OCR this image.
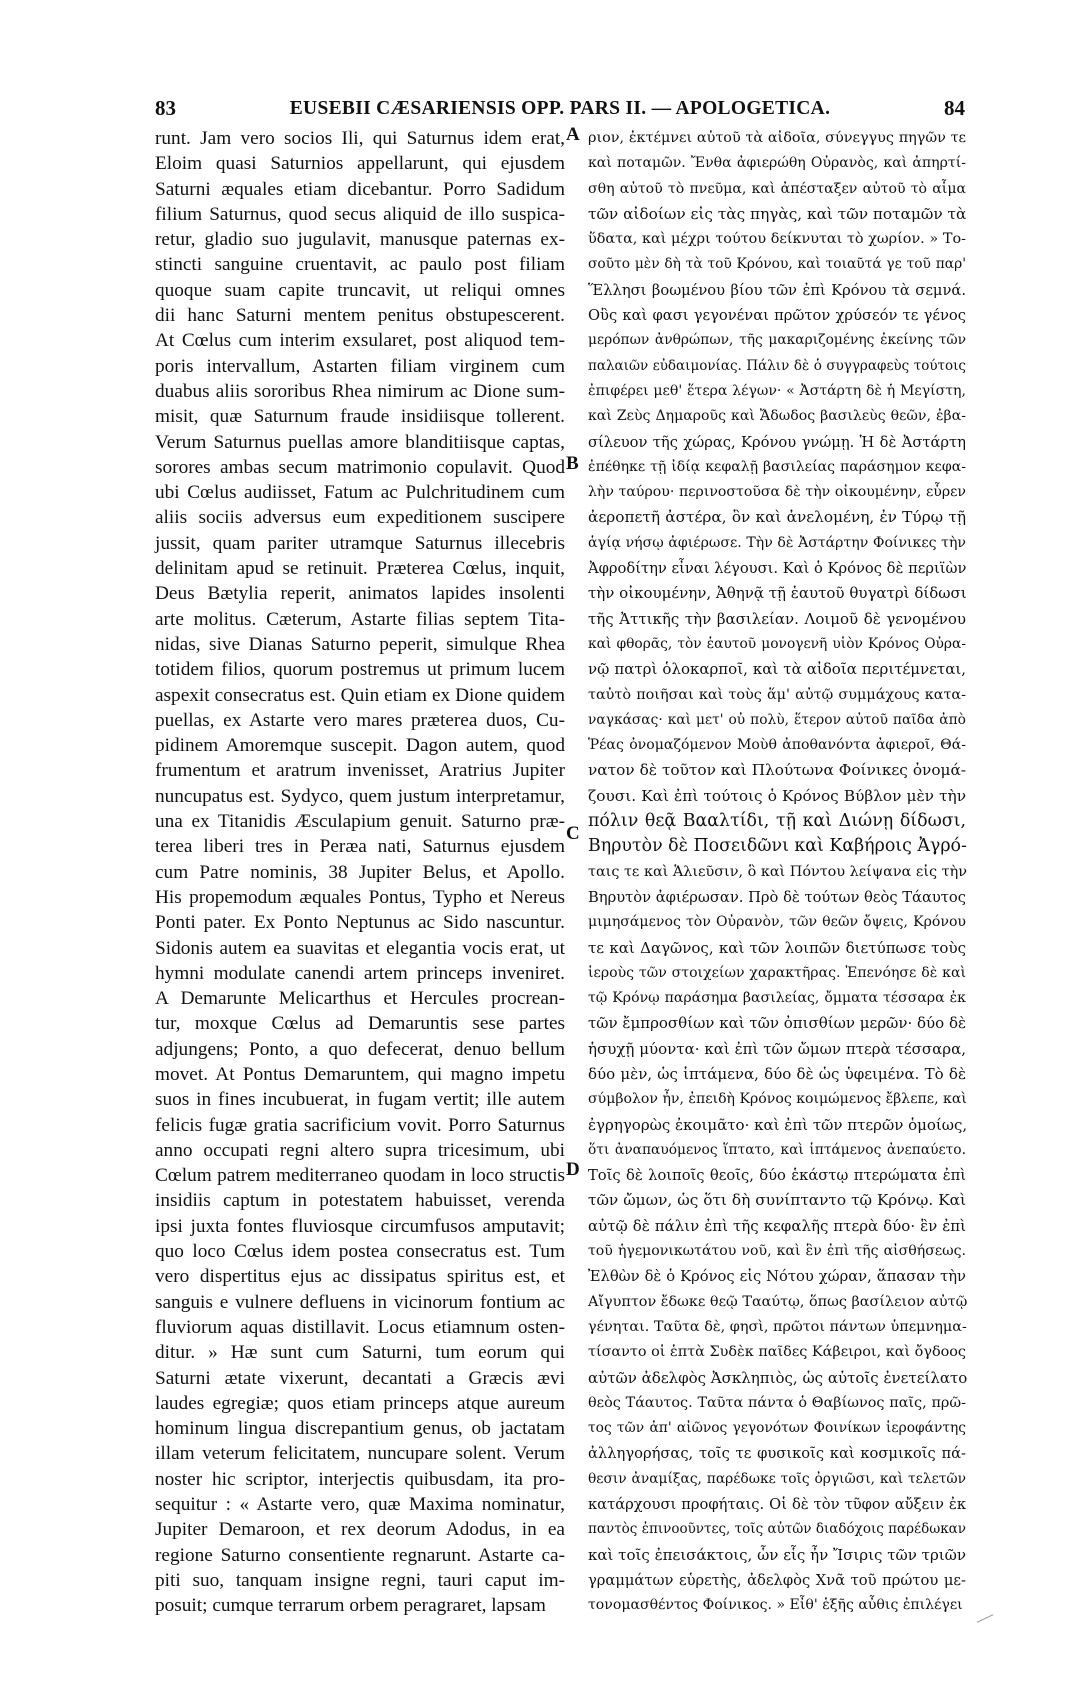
83	EUSEBII CÆSARIENSIS OPP. PARS II. — APOLOGETICA.	84
runt. Jam vero socios Ili, qui Saturnus idem erat,
Eloim quasi Saturnios appellarunt, qui ejusdem
Saturni æquales etiam dicebantur. Porro Sadidum
filium Saturnus, quod secus aliquid de illo suspica-
retur, gladio suo jugulavit, manusque paternas ex-
stincti sanguine cruentavit, ac paulo post filiam
quoque suam capite truncavit, ut reliqui omnes
dii hanc Saturni mentem penitus obstupescerent.
At Cœlus cum interim exsularet, post aliquod tem-
poris intervallum, Astarten filiam virginem cum
duabus aliis sororibus Rhea nimirum ac Dione sum-
misit, quæ Saturnum fraude insidiisque tollerent.
Verum Saturnus puellas amore blanditiisque captas,
sorores ambas secum matrimonio copulavit. Quod
ubi Cœlus audiisset, Fatum ac Pulchritudinem cum
aliis sociis adversus eum expeditionem suscipere
jussit, quam pariter utramque Saturnus illecebris
delinitam apud se retinuit. Præterea Cœlus, inquit,
Deus Bætylia reperit, animatos lapides insolenti
arte molitus. Cæterum, Astarte filias septem Tita-
nidas, sive Dianas Saturno peperit, simulque Rhea
totidem filios, quorum postremus ut primum lucem
aspexit consecratus est. Quin etiam ex Dione quidem
puellas, ex Astarte vero mares præterea duos, Cu-
pidinem Amoremque suscepit. Dagon autem, quod
frumentum et aratrum invenisset, Aratrius Jupiter
nuncupatus est. Sydyco, quem justum interpretamur,
una ex Titanidis Æsculapium genuit. Saturno præ-
terea liberi tres in Peræa nati, Saturnus ejusdem
cum Patre nominis, 38 Jupiter Belus, et Apollo.
His propemodum æquales Pontus, Typho et Nereus
Ponti pater. Ex Ponto Neptunus ac Sido nascuntur.
Sidonis autem ea suavitas et elegantia vocis erat, ut
hymni modulate canendi artem princeps inveniret.
A Demarunte Melicarthus et Hercules procrean-
tur, moxque Cœlus ad Demaruntis sese partes
adjungens; Ponto, a quo defecerat, denuo bellum
movet. At Pontus Demaruntem, qui magno impetu
suos in fines incubuerat, in fugam vertit; ille autem
felicis fugæ gratia sacrificium vovit. Porro Saturnus
anno occupati regni altero supra tricesimum, ubi
Cœlum patrem mediterraneo quodam in loco structis
insidiis captum in potestatem habuisset, verenda
ipsi juxta fontes fluviosque circumfusos amputavit;
quo loco Cœlus idem postea consecratus est. Tum
vero dispertitus ejus ac dissipatus spiritus est, et
sanguis e vulnere defluens in vicinorum fontium ac
fluviorum aquas distillavit. Locus etiamnum osten-
ditur. » Hæ sunt cum Saturni, tum eorum qui
Saturni ætate vixerunt, decantati a Græcis ævi
laudes egregiæ; quos etiam princeps atque aureum
hominum lingua discrepantium genus, ob jactatam
illam veterum felicitatem, nuncupare solent. Verum
noster hic scriptor, interjectis quibusdam, ita pro-
sequitur : « Astarte vero, quæ Maxima nominatur,
Jupiter Demaroon, et rex deorum Adodus, in ea
regione Saturno consentiente regnarunt. Astarte ca-
piti suo, tanquam insigne regni, tauri caput im-
posuit; cumque terrarum orbem peragraret, lapsam
ριον, ἐκτέμνει αὐτοῦ τὰ αἰδοῖα, σύνεγγυς πηγῶν τε
καὶ ποταμῶν. Ἔνθα ἀφιερώθη Οὐρανὸς, καὶ ἀπηρτί-
σθη αὐτοῦ τὸ πνεῦμα, καὶ ἀπέσταξεν αὐτοῦ τὸ αἷμα
τῶν αἰδοίων εἰς τὰς πηγὰς, καὶ τῶν ποταμῶν τὰ
ὕδατα, καὶ μέχρι τούτου δείκνυται τὸ χωρίον. » Το-
σοῦτο μὲν δὴ τὰ τοῦ Κρόνου, καὶ τοιαῦτά γε τοῦ παρ'
Ἕλλησι βοωμένου βίου τῶν ἐπὶ Κρόνου τὰ σεμνά.
Οὓς καὶ φασι γεγονέναι πρῶτον χρύσεόν τε γένος
μερόπων ἀνθρώπων, τῆς μακαριζομένης ἐκείνης τῶν
παλαιῶν εὐδαιμονίας. Πάλιν δὲ ὁ συγγραφεὺς τούτοις
ἐπιφέρει μεθ' ἕτερα λέγων· « Ἀστάρτη δὲ ἡ Μεγίστη,
καὶ Ζεὺς Δημαροῦς καὶ Ἄδωδος βασιλεὺς θεῶν, ἐβα-
σίλευον τῆς χώρας, Κρόνου γνώμῃ. Ἡ δὲ Ἀστάρτη
ἐπέθηκε τῇ ἰδίᾳ κεφαλῇ βασιλείας παράσημον κεφα-
λὴν ταύρου· περινοστοῦσα δὲ τὴν οἰκουμένην, εὗρεν
ἀεροπετῆ ἀστέρα, ὃν καὶ ἀνελομένη, ἐν Τύρῳ τῇ
ἁγίᾳ νήσῳ ἀφιέρωσε. Τὴν δὲ Ἀστάρτην Φοίνικες τὴν
Ἀφροδίτην εἶναι λέγουσι. Καὶ ὁ Κρόνος δὲ περιϊὼν
τὴν οἰκουμένην, Ἀθηνᾷ τῇ ἑαυτοῦ θυγατρὶ δίδωσι
τῆς Ἀττικῆς τὴν βασιλείαν. Λοιμοῦ δὲ γενομένου
καὶ φθορᾶς, τὸν ἑαυτοῦ μονογενῆ υἱὸν Κρόνος Οὐρα-
νῷ πατρὶ ὁλοκαρποῖ, καὶ τὰ αἰδοῖα περιτέμνεται,
ταὐτὸ ποιῆσαι καὶ τοὺς ἅμ' αὐτῷ συμμάχους κατα-
ναγκάσας· καὶ μετ' οὐ πολὺ, ἕτερον αὐτοῦ παῖδα ἀπὸ
Ῥέας ὀνομαζόμενον Μοὺθ ἀποθανόντα ἀφιεροῖ, Θά-
νατον δὲ τοῦτον καὶ Πλούτωνα Φοίνικες ὀνομά-
ζουσι. Καὶ ἐπὶ τούτοις ὁ Κρόνος Βύβλον μὲν τὴν
πόλιν θεᾷ Βααλτίδι, τῇ καὶ Διώνῃ δίδωσι,
Βηρυτὸν δὲ Ποσειδῶνι καὶ Καβήροις Ἀγρό-
ταις τε καὶ Ἁλιεῦσιν, ὃ καὶ Πόντου λείψανα εἰς τὴν
Βηρυτὸν ἀφιέρωσαν. Πρὸ δὲ τούτων θεὸς Τάαυτος
μιμησάμενος τὸν Οὐρανὸν, τῶν θεῶν ὄψεις, Κρόνου
τε καὶ Δαγῶνος, καὶ τῶν λοιπῶν διετύπωσε τοὺς
ἱεροὺς τῶν στοιχείων χαρακτῆρας. Ἐπενόησε δὲ καὶ
τῷ Κρόνῳ παράσημα βασιλείας, ὄμματα τέσσαρα ἐκ
τῶν ἔμπροσθίων καὶ τῶν ὀπισθίων μερῶν· δύο δὲ
ἡσυχῇ μύοντα· καὶ ἐπὶ τῶν ὤμων πτερὰ τέσσαρα,
δύο μὲν, ὡς ἱπτάμενα, δύο δὲ ὡς ὑφειμένα. Τὸ δὲ
σύμβολον ἦν, ἐπειδὴ Κρόνος κοιμώμενος ἔβλεπε, καὶ
ἐγρηγορὼς ἐκοιμᾶτο· καὶ ἐπὶ τῶν πτερῶν ὁμοίως,
ὅτι ἀναπαυόμενος ἵπτατο, καὶ ἱπτάμενος ἀνεπαύετο.
Τοῖς δὲ λοιποῖς θεοῖς, δύο ἑκάστῳ πτερώματα ἐπὶ
τῶν ὤμων, ὡς ὅτι δὴ συνίπταντο τῷ Κρόνῳ. Καὶ
αὐτῷ δὲ πάλιν ἐπὶ τῆς κεφαλῆς πτερὰ δύο· ἓν ἐπὶ
τοῦ ἡγεμονικωτάτου νοῦ, καὶ ἓν ἐπὶ τῆς αἰσθήσεως.
Ἐλθὼν δὲ ὁ Κρόνος εἰς Νότου χώραν, ἅπασαν τὴν
Αἴγυπτον ἔδωκε θεῷ Τααύτῳ, ὅπως βασίλειον αὐτῷ
γένηται. Ταῦτα δὲ, φησὶ, πρῶτοι πάντων ὑπεμνημα-
τίσαντο οἱ ἑπτὰ Συδὲκ παῖδες Κάβειροι, καὶ ὄγδοος
αὐτῶν ἀδελφὸς Ἀσκληπιὸς, ὡς αὐτοῖς ἐνετείλατο
θεὸς Τάαυτος. Ταῦτα πάντα ὁ Θαβίωνος παῖς, πρῶ-
τος τῶν ἀπ' αἰῶνος γεγονότων Φοινίκων ἱεροφάντης
ἀλληγορήσας, τοῖς τε φυσικοῖς καὶ κοσμικοῖς πά-
θεσιν ἀναμίξας, παρέδωκε τοῖς ὀργιῶσι, καὶ τελετῶν
κατάρχουσι προφήταις. Οἱ δὲ τὸν τῦφον αὔξειν ἐκ
παντὸς ἐπινοοῦντες, τοῖς αὐτῶν διαδόχοις παρέδωκαν
καὶ τοῖς ἐπεισάκτοις, ὧν εἷς ἦν Ἴσιρις τῶν τριῶν
γραμμάτων εὑρετὴς, ἀδελφὸς Χνᾶ τοῦ πρώτου με-
τονομασθέντος Φοίνικος. » Εἶθ' ἑξῆς αὖθις ἐπιλέγει
A
B
C
D
